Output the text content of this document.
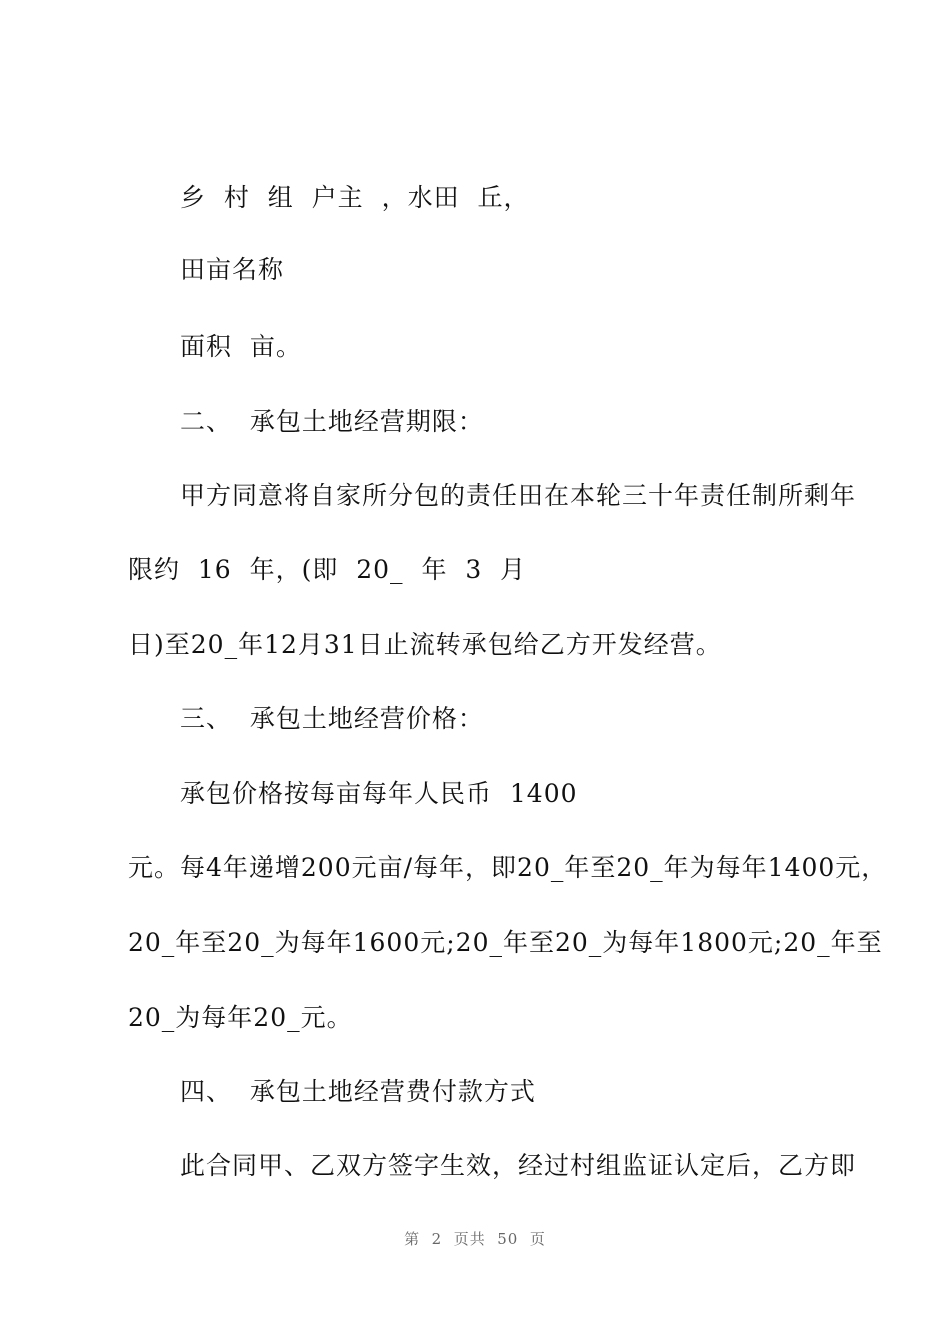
乡  村  组  户主  ，水田  丘，
田亩名称
面积  亩。
二、  承包土地经营期限：
甲方同意将自家所分包的责任田在本轮三十年责任制所剩年
限约  16  年，(即  20_  年  3  月
日)至20_年12月31日止流转承包给乙方开发经营。
三、  承包土地经营价格：
承包价格按每亩每年人民币  1400
元。每4年递增200元亩/每年，即20_年至20_年为每年1400元，
20_年至20_为每年1600元;20_年至20_为每年1800元;20_年至
20_为每年20_元。
四、  承包土地经营费付款方式
此合同甲、乙双方签字生效，经过村组监证认定后，乙方即
第  2  页共  50  页
